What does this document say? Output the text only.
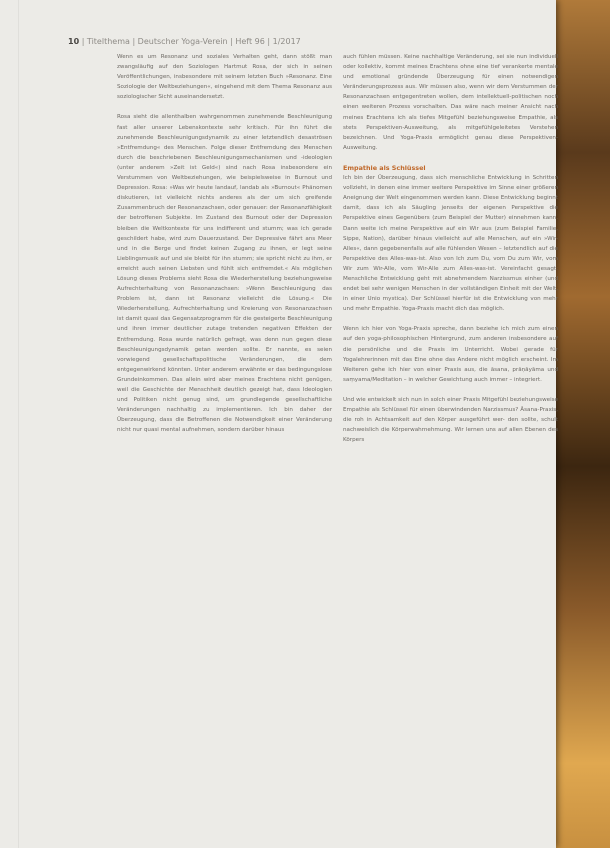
10 | Titelthema | Deutscher Yoga-Verein | Heft 96 | 1/2017

Wenn es um Resonanz und soziales Verhalten geht, dann stößt man zwangsläufig auf den Soziologen Hartmut Rosa, der sich in seinen Veröffentlichungen, insbesondere mit seinem letzten Buch »Resonanz. Eine Soziologie der Weltbeziehungen«, eingehend mit dem Thema Resonanz aus soziologischer Sicht auseinandersetzt.

Rosa sieht die allenthalben wahrgenommen zunehmende Beschleunigung fast aller unserer Lebenskontexte sehr kritisch. Für ihn führt die zunehmende Beschleunigungsdynamik zu einer letztendlich desaströsen »Entfremdung« des Menschen. Folge dieser Entfremdung des Menschen durch die beschriebenen Beschleunigungsmechanismen und -ideologien (unter anderem »Zeit ist Geld«) sind nach Rosa insbesondere ein Verstummen von Weltbeziehungen, wie beispielsweise in Burnout und Depression. Rosa: »Was wir heute landauf, landab als »Burnout« Phänomen diskutieren, ist vielleicht nichts anderes als der um sich greifende Zusammenbruch der Resonanzachsen, oder genauer: der Resonanzfähigkeit der betroffenen Subjekte. Im Zustand des Burnout oder der Depression bleiben die Weltkontexte für uns indifferent und stumm; was ich gerade geschildert habe, wird zum Dauerzustand. Der Depressive fährt ans Meer und in die Berge und findet keinen Zugang zu ihnen, er legt seine Lieblingsmusik auf und sie bleibt für ihn stumm; sie spricht nicht zu ihm, er erreicht auch seinen Liebsten und fühlt sich entfremdet.« Als möglichen Lösung dieses Problems sieht Rosa die Wiederherstellung beziehungsweise Aufrechterhaltung von Resonanzachsen: »Wenn Beschleunigung das Problem ist, dann ist Resonanz vielleicht die Lösung.« Die Wiederherstellung, Aufrechterhaltung und Kreierung von Resonanzachsen ist damit quasi das Gegensatzprogramm für die gesteigerte Beschleunigung und ihren immer deutlicher zutage tretenden negativen Effekten der Entfremdung. Rosa wurde natürlich gefragt, was denn nun gegen diese Beschleunigungsdynamik getan werden sollte. Er nannte, es seien vorwiegend gesellschaftspolitische Veränderungen, die dem entgegenwirkend könnten. Unter anderem erwähnte er das bedingungslose Grundeinkommen. Das allein wird aber meines Erachtens nicht genügen, weil die Geschichte der Menschheit deutlich gezeigt hat, dass Ideologien und Politiken nicht genug sind, um grundlegende gesellschaftliche Veränderungen nachhaltig zu implementieren. Ich bin daher der Überzeugung, dass die Betroffenen die Notwendigkeit einer Veränderung nicht nur quasi mental aufnehmen, sondern darüber hinaus

auch fühlen müssen. Keine nachhaltige Veränderung, sei sie nun individuell oder kollektiv, kommt meines Erachtens ohne eine tief verankerte mentale und emotional gründende Überzeugung für einen notwendigen Veränderungsprozess aus. Wir müssen also, wenn wir dem Verstummen der Resonanzachsen entgegentreten wollen, dem intellektuell-politischen noch einen weiteren Prozess vorschalten. Das wäre nach meiner Ansicht nach meines Erachtens ich als tiefes Mitgefühl beziehungsweise Empathie, als stets Perspektiven-Ausweitung, als mitgefühlgeleitetes Verstehen bezeichnen. Und Yoga-Praxis ermöglicht genau diese Perspektiven-Ausweitung.

Empathie als Schlüssel

Ich bin der Überzeugung, dass sich menschliche Entwicklung in Schritten vollzieht, in denen eine immer weitere Perspektive im Sinne einer größeren Aneignung der Welt eingenommen werden kann. Diese Entwicklung beginnt damit, dass ich als Säugling jenseits der eigenen Perspektive die Perspektive eines Gegenübers (zum Beispiel der Mutter) einnehmen kann. Dann weite ich meine Perspektive auf ein Wir aus (zum Beispiel Familie, Sippe, Nation), darüber hinaus vielleicht auf alle Menschen, auf ein »Wir-Alles«, dann gegebenenfalls auf alle fühlenden Wesen – letztendlich auf die Perspektive des Alles-was-ist. Also von Ich zum Du, vom Du zum Wir, vom Wir zum Wir-Alle, vom Wir-Alle zum Alles-was-ist. Vereinfacht gesagt: Menschliche Entwicklung geht mit abnehmendem Narzissmus einher (und endet bei sehr wenigen Menschen in der vollständigen Einheit mit der Welt, in einer Unio mystica). Der Schlüssel hierfür ist die Entwicklung von mehr und mehr Empathie. Yoga-Praxis macht dich das möglich.

Wenn ich hier von Yoga-Praxis spreche, dann beziehe ich mich zum einen auf den yoga-philosophischen Hintergrund, zum anderen insbesondere auf die persönliche und die Praxis im Unterricht. Wobei gerade für Yogalehrerinnen mit das Eine ohne das Andere nicht möglich erscheint. Im Weiteren gehe ich hier von einer Praxis aus, die āsana, prāṇāyāma und saṃyama/Meditation – in welcher Gewichtung auch immer – integriert.

Und wie entwickelt sich nun in solch einer Praxis Mitgefühl beziehungsweise Empathie als Schlüssel für einen überwindenden Narzissmus? Āsana-Praxis, die roh in Achtsamkeit auf den Körper ausgeführt wer- den sollte, schult nachweislich die Körperwahrnehmung. Wir lernen uns auf allen Ebenen des Körpers
